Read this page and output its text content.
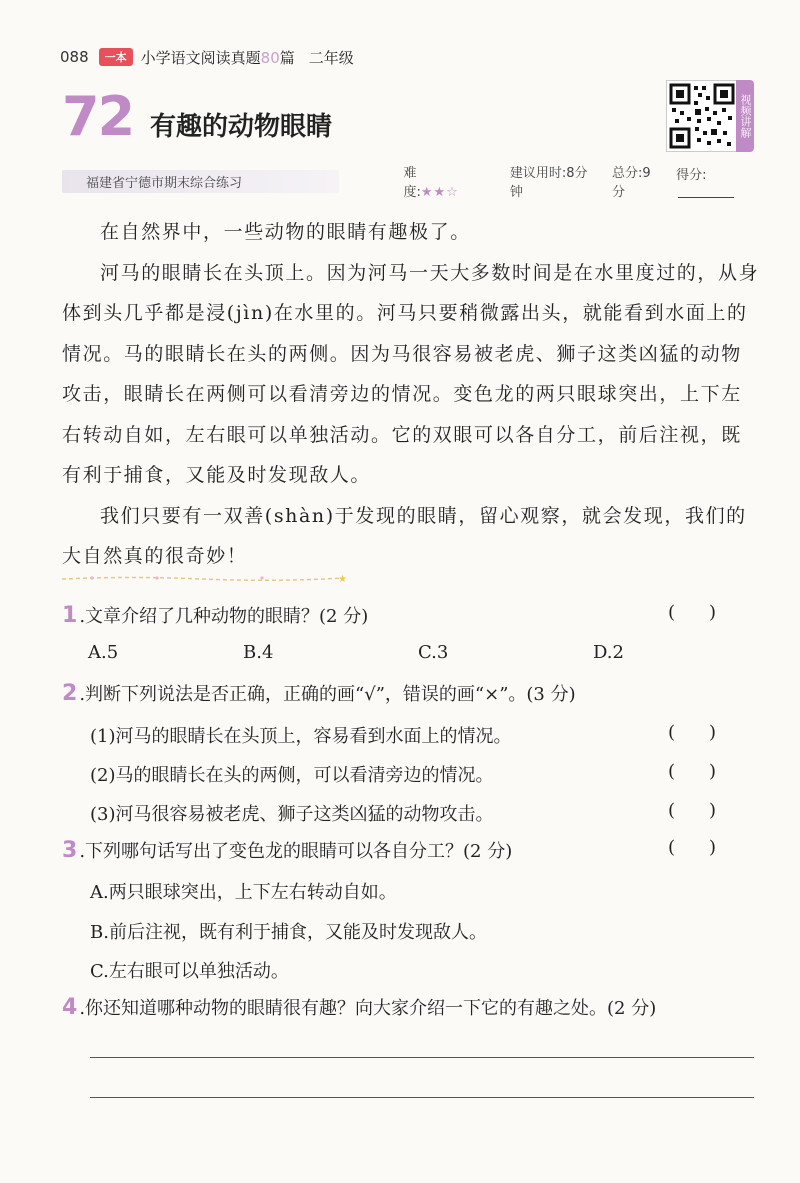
088	一本 小学语文阅读真题80篇 二年级
72 有趣的动物眼睛	视频讲解
福建省宁德市期末综合练习
难度:★★☆
建议用时:8分钟
总分:9分
得分:

在自然界中，一些动物的眼睛有趣极了。

河马的眼睛长在头顶上。因为河马一天大多数时间是在水里度过的，从身体到头几乎都是浸(jìn)在水里的。河马只要稍微露出头，就能看到水面上的情况。马的眼睛长在头的两侧。因为马很容易被老虎、狮子这类凶猛的动物攻击，眼睛长在两侧可以看清旁边的情况。变色龙的两只眼球突出，上下左右转动自如，左右眼可以单独活动。它的双眼可以各自分工，前后注视，既有利于捕食，又能及时发现敌人。

我们只要有一双善(shàn)于发现的眼睛，留心观察，就会发现，我们的大自然真的很奇妙！

★
1 .文章介绍了几种动物的眼睛？(2 分)	()
A.5	B.4	C.3	D.2
2 .判断下列说法是否正确，正确的画“√”，错误的画“×”。(3 分)
(1)河马的眼睛长在头顶上，容易看到水面上的情况。	()
(2)马的眼睛长在头的两侧，可以看清旁边的情况。	()
(3)河马很容易被老虎、狮子这类凶猛的动物攻击。	()
3 .下列哪句话写出了变色龙的眼睛可以各自分工？(2 分)	()
A.两只眼球突出，上下左右转动自如。
B.前后注视，既有利于捕食，又能及时发现敌人。
C.左右眼可以单独活动。
4 .你还知道哪种动物的眼睛很有趣？向大家介绍一下它的有趣之处。(2 分)
